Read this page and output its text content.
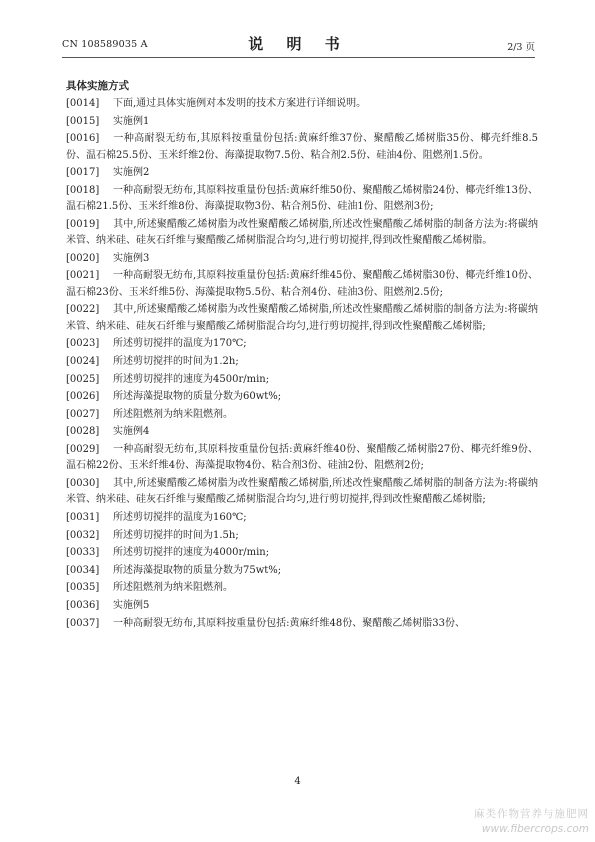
CN 108589035 A	说 明 书	2/3 页
具体实施方式
[0014] 下面,通过具体实施例对本发明的技术方案进行详细说明。
[0015] 实施例1
[0016] 一种高耐裂无纺布,其原料按重量份包括:黄麻纤维37份、聚醋酸乙烯树脂35份、椰壳纤维8.5份、温石棉25.5份、玉米纤维2份、海藻提取物7.5份、粘合剂2.5份、硅油4份、阻燃剂1.5份。
[0017] 实施例2
[0018] 一种高耐裂无纺布,其原料按重量份包括:黄麻纤维50份、聚醋酸乙烯树脂24份、椰壳纤维13份、温石棉21.5份、玉米纤维8份、海藻提取物3份、粘合剂5份、硅油1份、阻燃剂3份;
[0019] 其中,所述聚醋酸乙烯树脂为改性聚醋酸乙烯树脂,所述改性聚醋酸乙烯树脂的制备方法为:将碳纳米管、纳米硅、硅灰石纤维与聚醋酸乙烯树脂混合均匀,进行剪切搅拌,得到改性聚醋酸乙烯树脂。
[0020] 实施例3
[0021] 一种高耐裂无纺布,其原料按重量份包括:黄麻纤维45份、聚醋酸乙烯树脂30份、椰壳纤维10份、温石棉23份、玉米纤维5份、海藻提取物5.5份、粘合剂4份、硅油3份、阻燃剂2.5份;
[0022] 其中,所述聚醋酸乙烯树脂为改性聚醋酸乙烯树脂,所述改性聚醋酸乙烯树脂的制备方法为:将碳纳米管、纳米硅、硅灰石纤维与聚醋酸乙烯树脂混合均匀,进行剪切搅拌,得到改性聚醋酸乙烯树脂;
[0023] 所述剪切搅拌的温度为170℃;
[0024] 所述剪切搅拌的时间为1.2h;
[0025] 所述剪切搅拌的速度为4500r/min;
[0026] 所述海藻提取物的质量分数为60wt%;
[0027] 所述阻燃剂为纳米阻燃剂。
[0028] 实施例4
[0029] 一种高耐裂无纺布,其原料按重量份包括:黄麻纤维40份、聚醋酸乙烯树脂27份、椰壳纤维9份、温石棉22份、玉米纤维4份、海藻提取物4份、粘合剂3份、硅油2份、阻燃剂2份;
[0030] 其中,所述聚醋酸乙烯树脂为改性聚醋酸乙烯树脂,所述改性聚醋酸乙烯树脂的制备方法为:将碳纳米管、纳米硅、硅灰石纤维与聚醋酸乙烯树脂混合均匀,进行剪切搅拌,得到改性聚醋酸乙烯树脂;
[0031] 所述剪切搅拌的温度为160℃;
[0032] 所述剪切搅拌的时间为1.5h;
[0033] 所述剪切搅拌的速度为4000r/min;
[0034] 所述海藻提取物的质量分数为75wt%;
[0035] 所述阻燃剂为纳米阻燃剂。
[0036] 实施例5
[0037] 一种高耐裂无纺布,其原料按重量份包括:黄麻纤维48份、聚醋酸乙烯树脂33份、
4
麻类作物营养与施肥网
www.fibercrops.com
